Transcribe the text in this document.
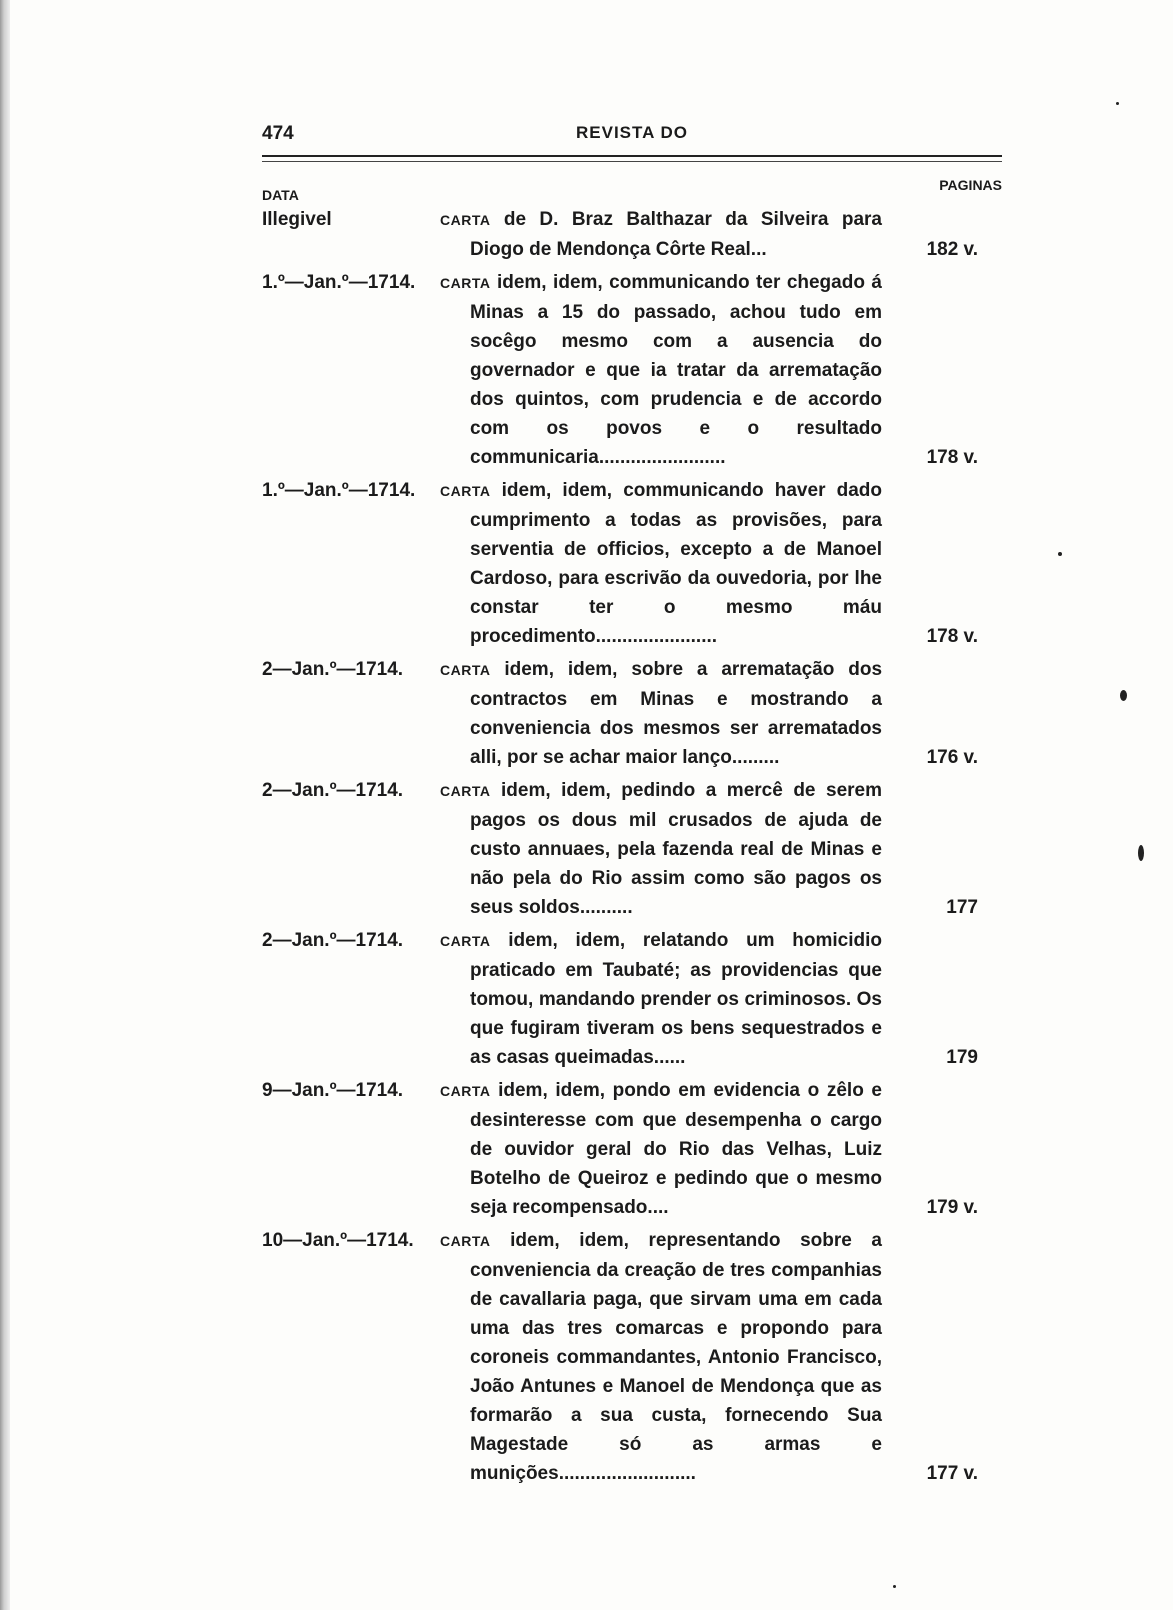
474	REVISTA DO
DATA
PAGINAS
Illegivel	CARTA de D. Braz Balthazar da Silveira para Diogo de Mendonça Côrte Real...	182 v.
1.º—Jan.º—1714.	CARTA idem, idem, communicando ter chegado á Minas a 15 do passado, achou tudo em socêgo mesmo com a ausencia do governador e que ia tratar da arrematação dos quintos, com prudencia e de accordo com os povos e o resultado communicaria........................	178 v.
1.º—Jan.º—1714.	CARTA idem, idem, communicando haver dado cumprimento a todas as provisões, para serventia de officios, excepto a de Manoel Cardoso, para escrivão da ouvedoria, por lhe constar ter o mesmo máu procedimento.......................	178 v.
2—Jan.º—1714.	CARTA idem, idem, sobre a arrematação dos contractos em Minas e mostrando a conveniencia dos mesmos ser arrematados alli, por se achar maior lanço.........	176 v.
2—Jan.º—1714.	CARTA idem, idem, pedindo a mercê de serem pagos os dous mil crusados de ajuda de custo annuaes, pela fazenda real de Minas e não pela do Rio assim como são pagos os seus soldos..........	177
2—Jan.º—1714.	CARTA idem, idem, relatando um homicidio praticado em Taubaté; as providencias que tomou, mandando prender os criminosos. Os que fugiram tiveram os bens sequestrados e as casas queimadas......	179
9—Jan.º—1714.	CARTA idem, idem, pondo em evidencia o zêlo e desinteresse com que desempenha o cargo de ouvidor geral do Rio das Velhas, Luiz Botelho de Queiroz e pedindo que o mesmo seja recompensado....	179 v.
10—Jan.º—1714.	CARTA idem, idem, representando sobre a conveniencia da creação de tres companhias de cavallaria paga, que sirvam uma em cada uma das tres comarcas e propondo para coroneis commandantes, Antonio Francisco, João Antunes e Manoel de Mendonça que as formarão a sua custa, fornecendo Sua Magestade só as armas e munições..........................	177 v.
